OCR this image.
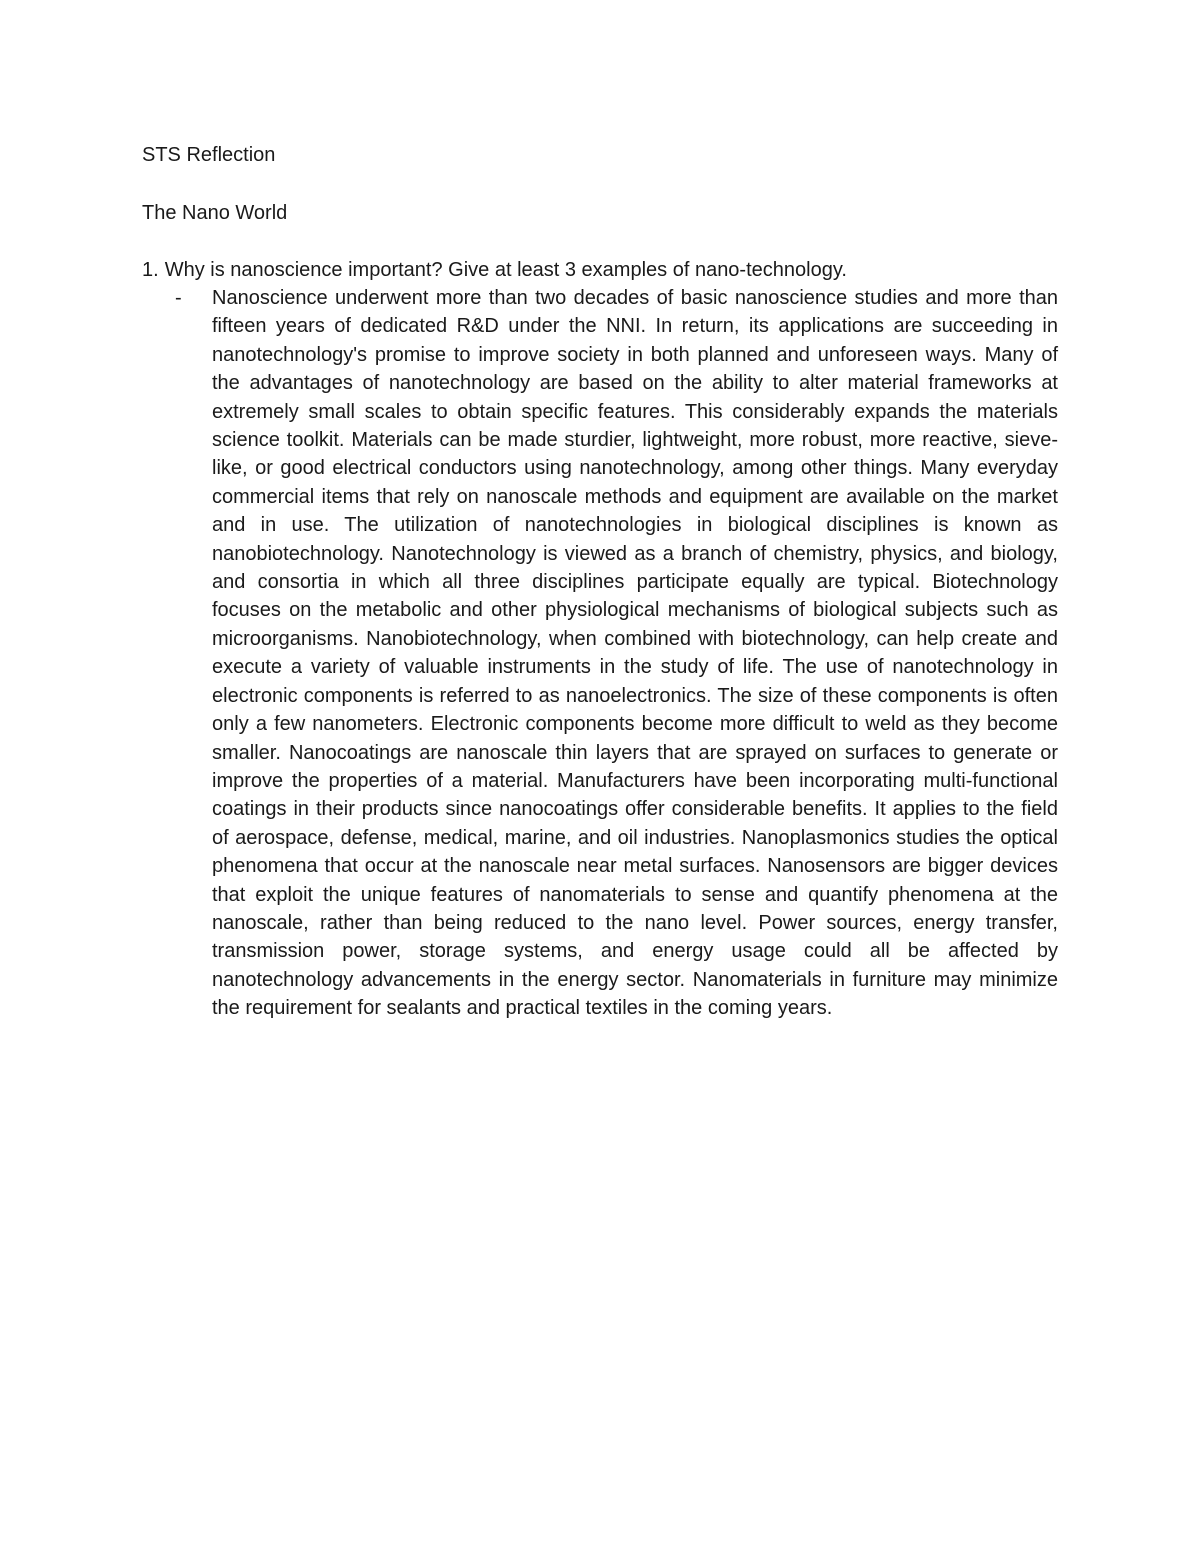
STS Reflection
The Nano World
1. Why is nanoscience important? Give at least 3 examples of nano-technology.
- Nanoscience underwent more than two decades of basic nanoscience studies and more than fifteen years of dedicated R&D under the NNI. In return, its applications are succeeding in nanotechnology's promise to improve society in both planned and unforeseen ways. Many of the advantages of nanotechnology are based on the ability to alter material frameworks at extremely small scales to obtain specific features. This considerably expands the materials science toolkit. Materials can be made sturdier, lightweight, more robust, more reactive, sieve-like, or good electrical conductors using nanotechnology, among other things. Many everyday commercial items that rely on nanoscale methods and equipment are available on the market and in use. The utilization of nanotechnologies in biological disciplines is known as nanobiotechnology. Nanotechnology is viewed as a branch of chemistry, physics, and biology, and consortia in which all three disciplines participate equally are typical. Biotechnology focuses on the metabolic and other physiological mechanisms of biological subjects such as microorganisms. Nanobiotechnology, when combined with biotechnology, can help create and execute a variety of valuable instruments in the study of life. The use of nanotechnology in electronic components is referred to as nanoelectronics. The size of these components is often only a few nanometers. Electronic components become more difficult to weld as they become smaller. Nanocoatings are nanoscale thin layers that are sprayed on surfaces to generate or improve the properties of a material. Manufacturers have been incorporating multi-functional coatings in their products since nanocoatings offer considerable benefits. It applies to the field of aerospace, defense, medical, marine, and oil industries. Nanoplasmonics studies the optical phenomena that occur at the nanoscale near metal surfaces. Nanosensors are bigger devices that exploit the unique features of nanomaterials to sense and quantify phenomena at the nanoscale, rather than being reduced to the nano level. Power sources, energy transfer, transmission power, storage systems, and energy usage could all be affected by nanotechnology advancements in the energy sector. Nanomaterials in furniture may minimize the requirement for sealants and practical textiles in the coming years.
